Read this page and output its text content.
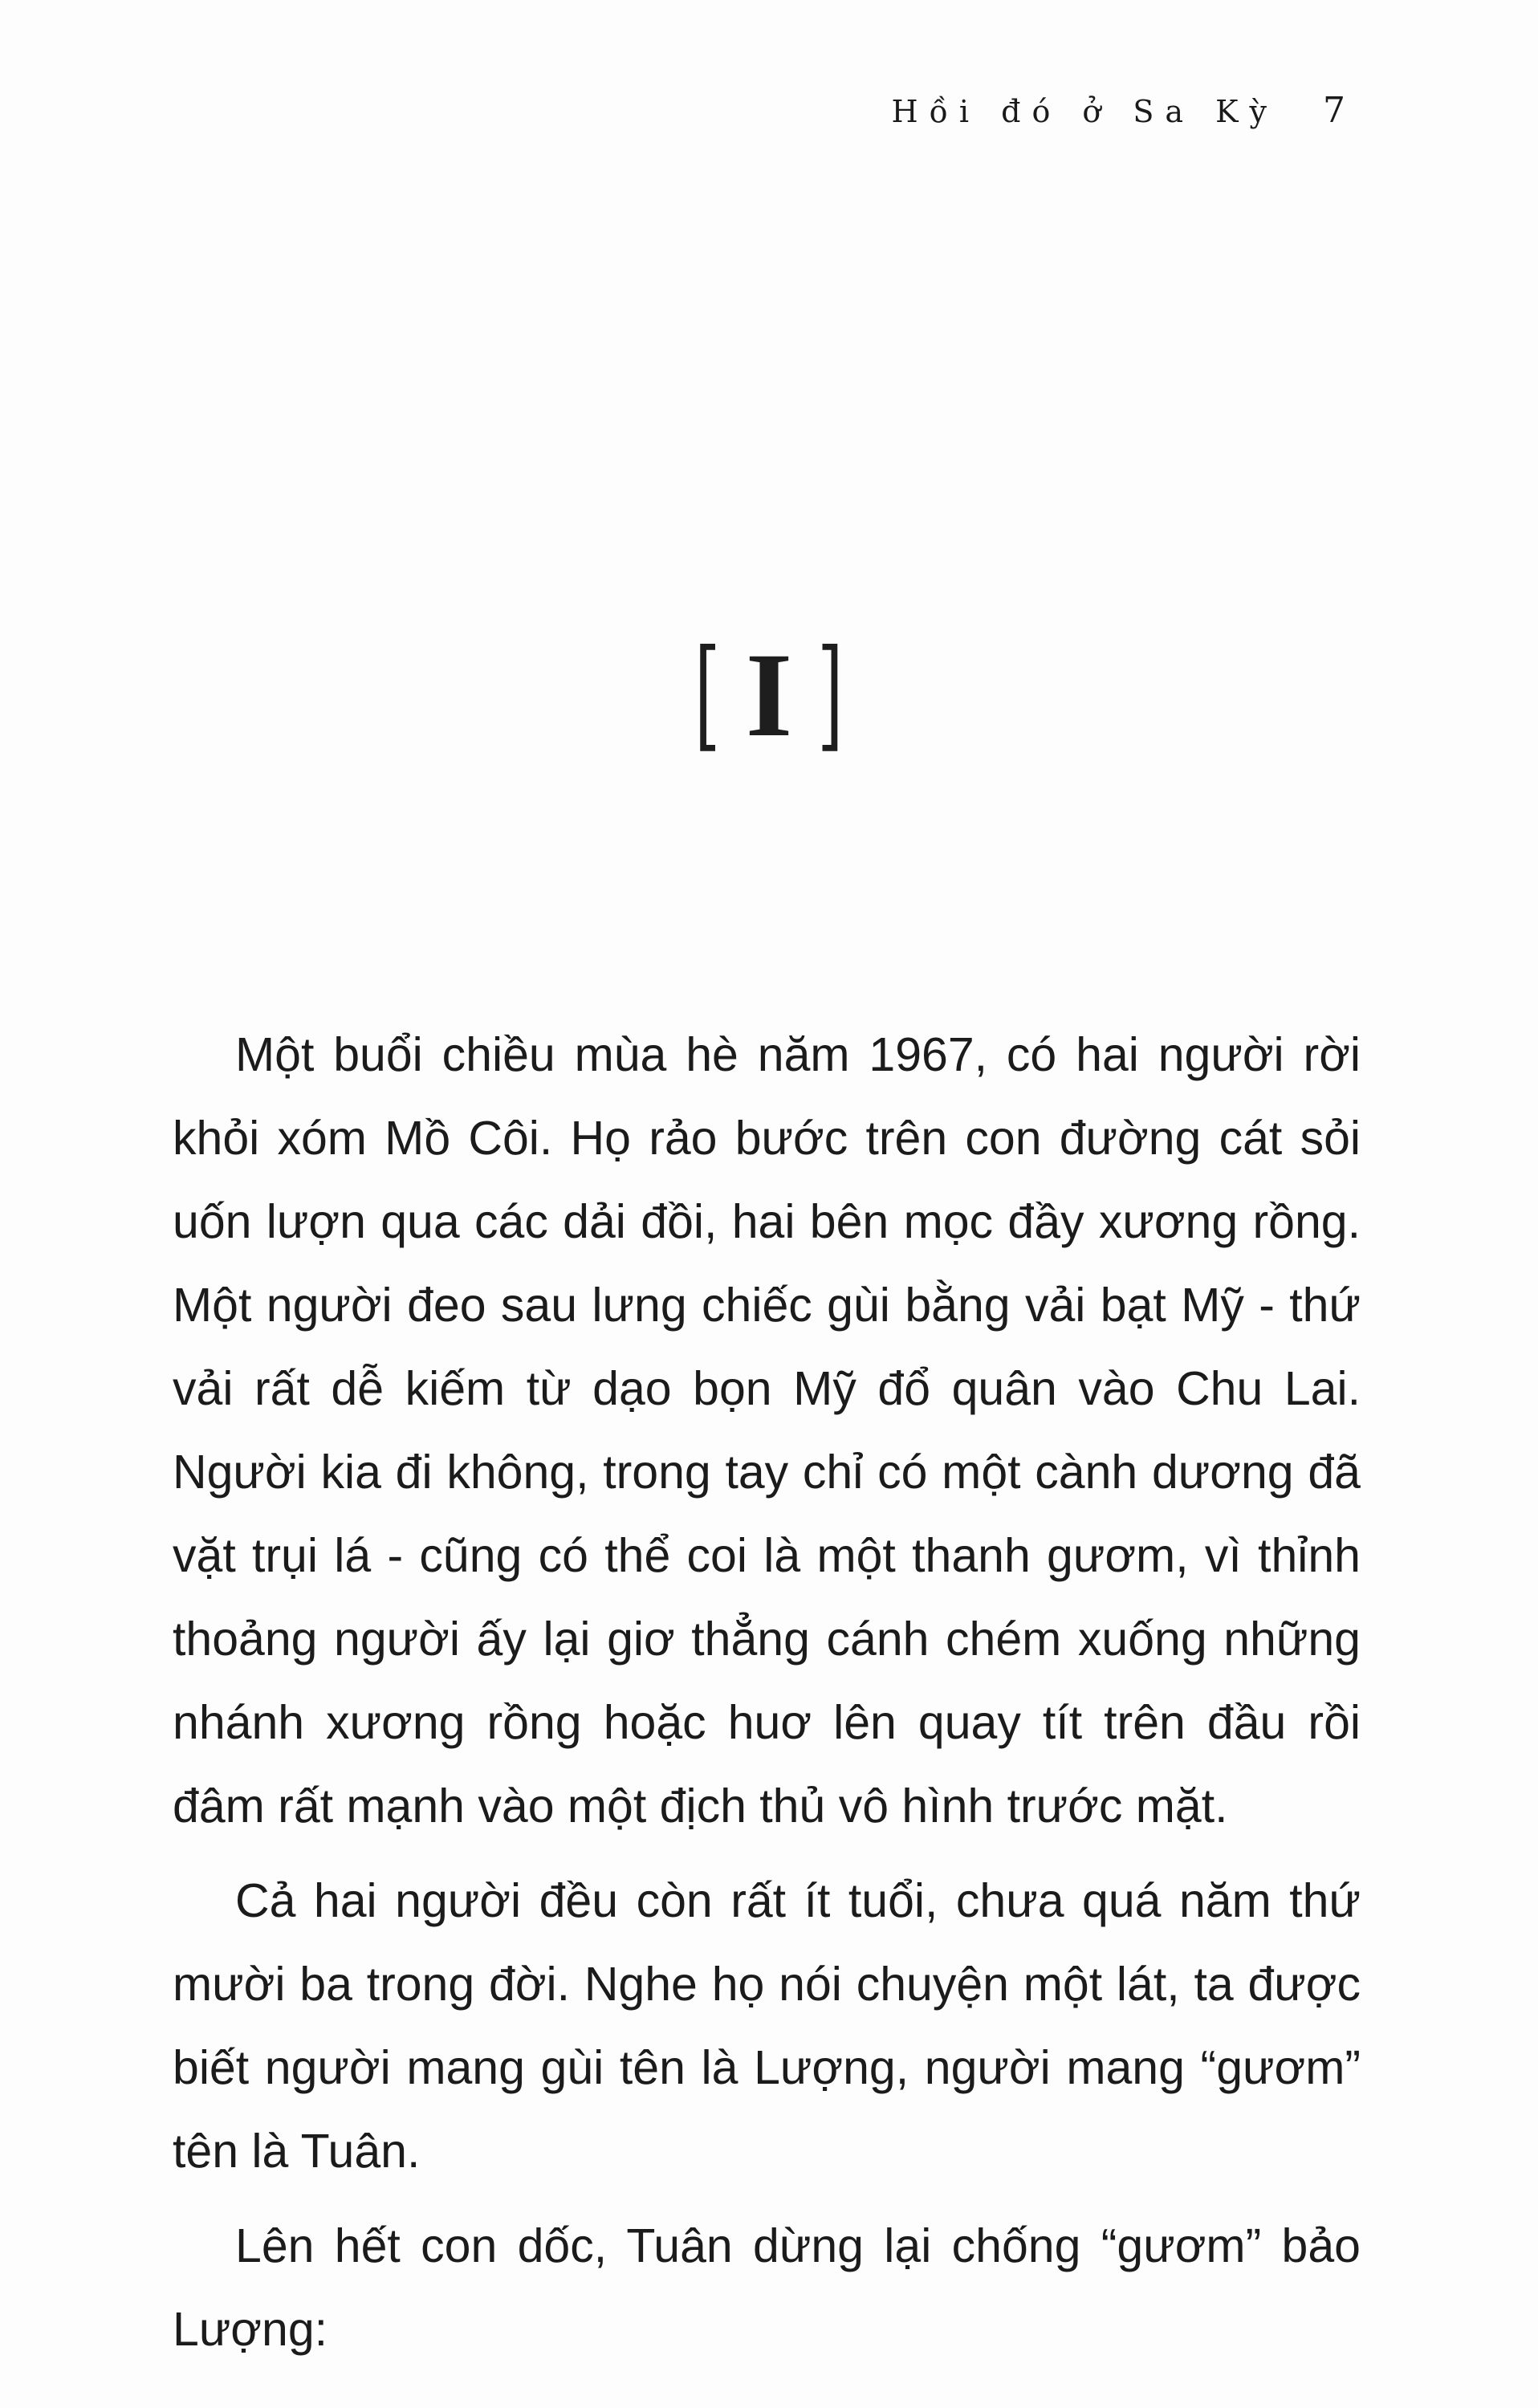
Hồi đó ở Sa Kỳ 7
[ I ]

Một buổi chiều mùa hè năm 1967, có hai người rời khỏi xóm Mồ Côi. Họ rảo bước trên con đường cát sỏi uốn lượn qua các dải đồi, hai bên mọc đầy xương rồng. Một người đeo sau lưng chiếc gùi bằng vải bạt Mỹ - thứ vải rất dễ kiếm từ dạo bọn Mỹ đổ quân vào Chu Lai. Người kia đi không, trong tay chỉ có một cành dương đã vặt trụi lá - cũng có thể coi là một thanh gươm, vì thỉnh thoảng người ấy lại giơ thẳng cánh chém xuống những nhánh xương rồng hoặc huơ lên quay tít trên đầu rồi đâm rất mạnh vào một địch thủ vô hình trước mặt.

Cả hai người đều còn rất ít tuổi, chưa quá năm thứ mười ba trong đời. Nghe họ nói chuyện một lát, ta được biết người mang gùi tên là Lượng, người mang “gươm” tên là Tuân.

Lên hết con dốc, Tuân dừng lại chống “gươm” bảo Lượng:
